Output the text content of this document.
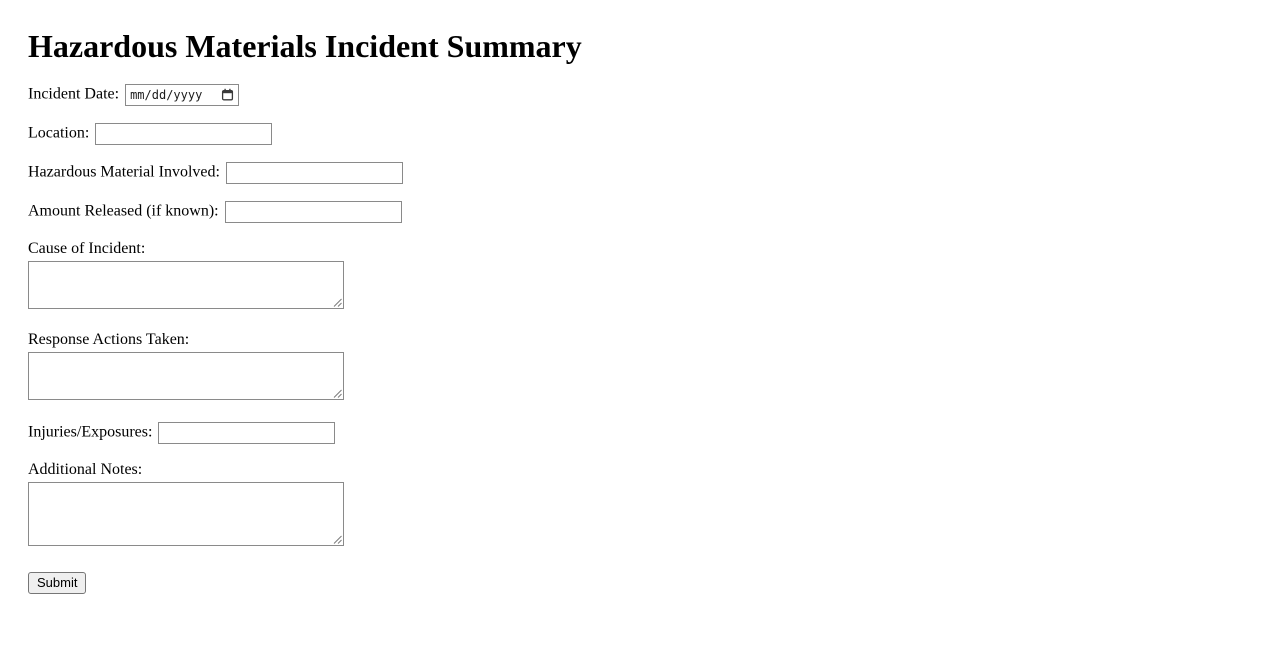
Hazardous Materials Incident Summary

Incident Date: mm/dd/yyyy

Location:

Hazardous Material Involved:

Amount Released (if known):

Cause of Incident:

Response Actions Taken:

Injuries/Exposures:

Additional Notes:

Submit
